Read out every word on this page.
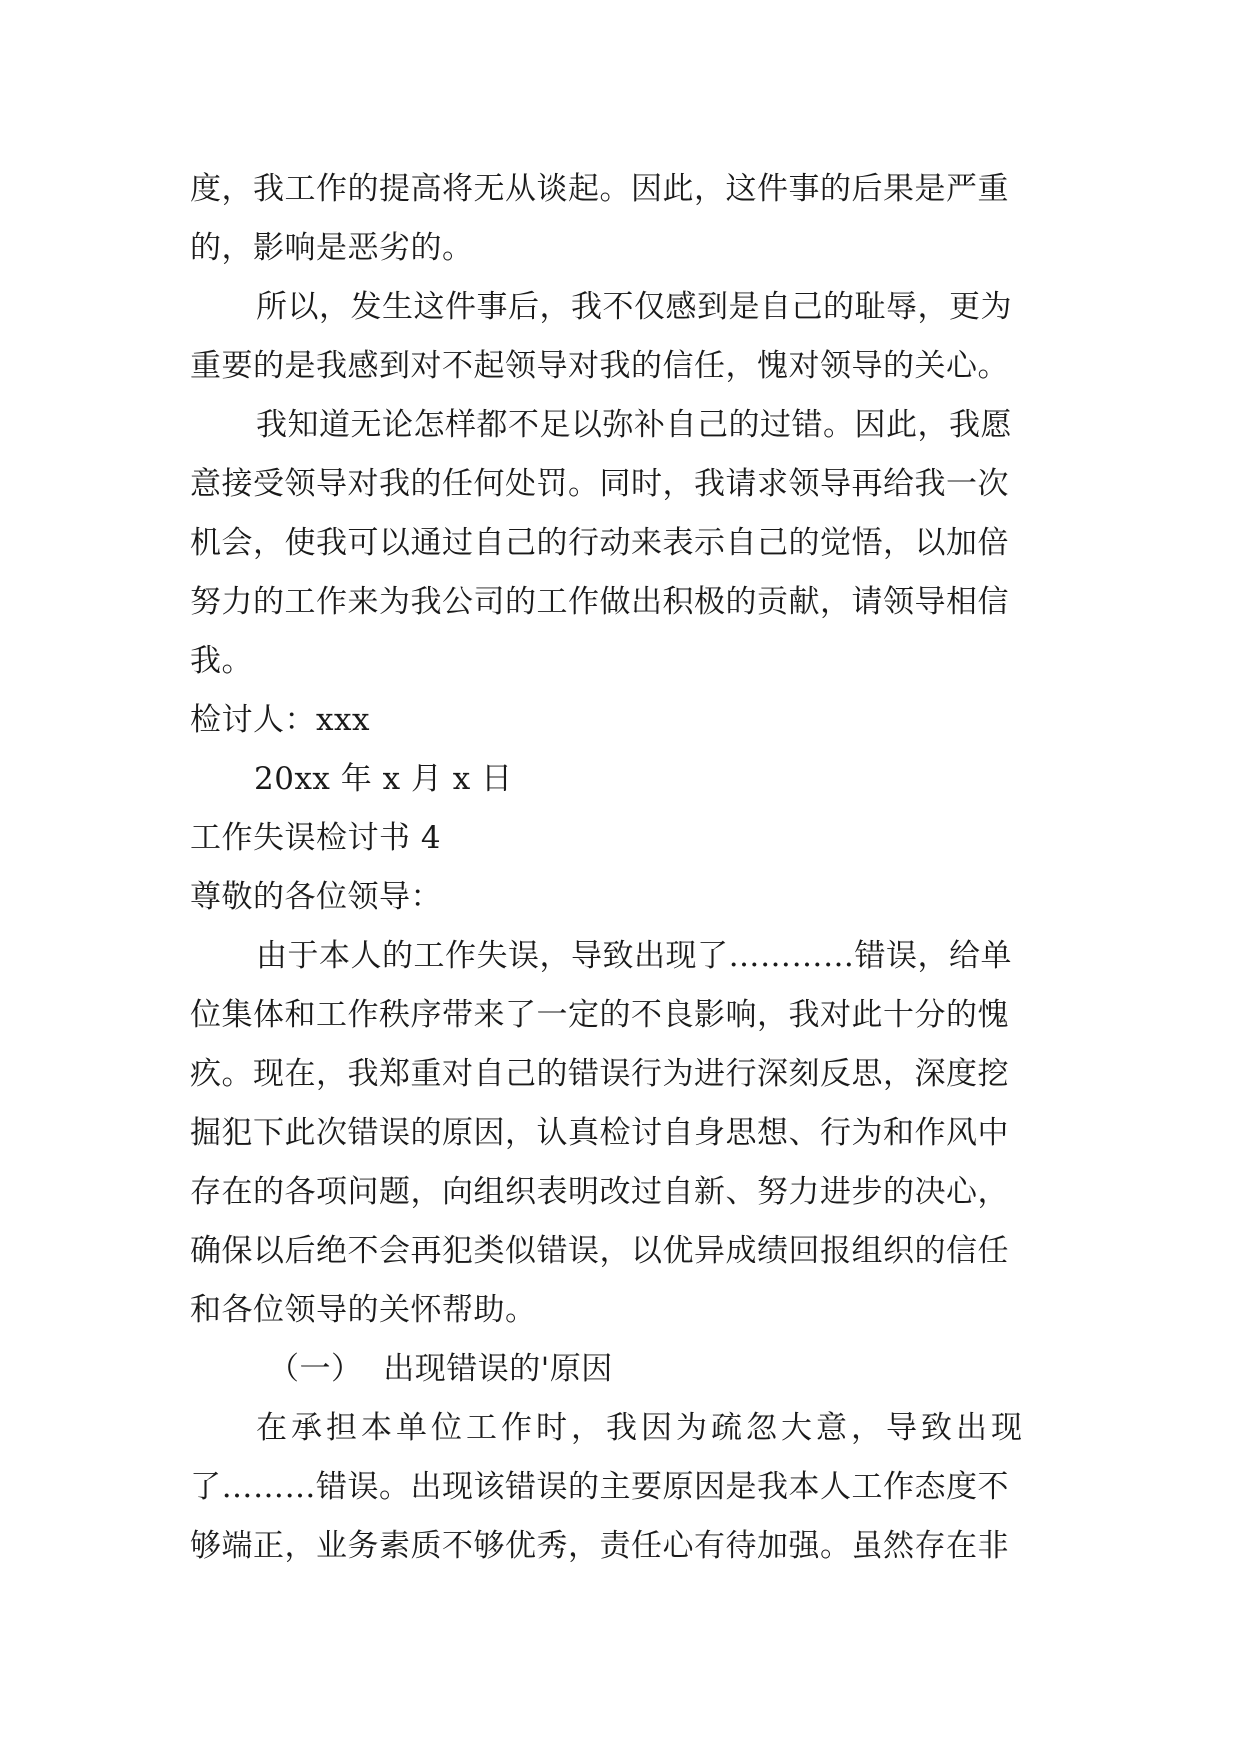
度，我工作的提高将无从谈起。因此，这件事的后果是严重
的，影响是恶劣的。
所以，发生这件事后，我不仅感到是自己的耻辱，更为
重要的是我感到对不起领导对我的信任，愧对领导的关心。
我知道无论怎样都不足以弥补自己的过错。因此，我愿
意接受领导对我的任何处罚。同时，我请求领导再给我一次
机会，使我可以通过自己的行动来表示自己的觉悟，以加倍
努力的工作来为我公司的工作做出积极的贡献，请领导相信
我。
检讨人：xxx
20xx 年 x 月 x 日
工作失误检讨书 4
尊敬的各位领导：
由于本人的工作失误，导致出现了…………错误，给单
位集体和工作秩序带来了一定的不良影响，我对此十分的愧
疚。现在，我郑重对自己的错误行为进行深刻反思，深度挖
掘犯下此次错误的原因，认真检讨自身思想、行为和作风中
存在的各项问题，向组织表明改过自新、努力进步的决心，
确保以后绝不会再犯类似错误，以优异成绩回报组织的信任
和各位领导的关怀帮助。
（一）  出现错误的'原因
在承担本单位工作时，我因为疏忽大意，导致出现
了………错误。出现该错误的主要原因是我本人工作态度不
够端正，业务素质不够优秀，责任心有待加强。虽然存在非
